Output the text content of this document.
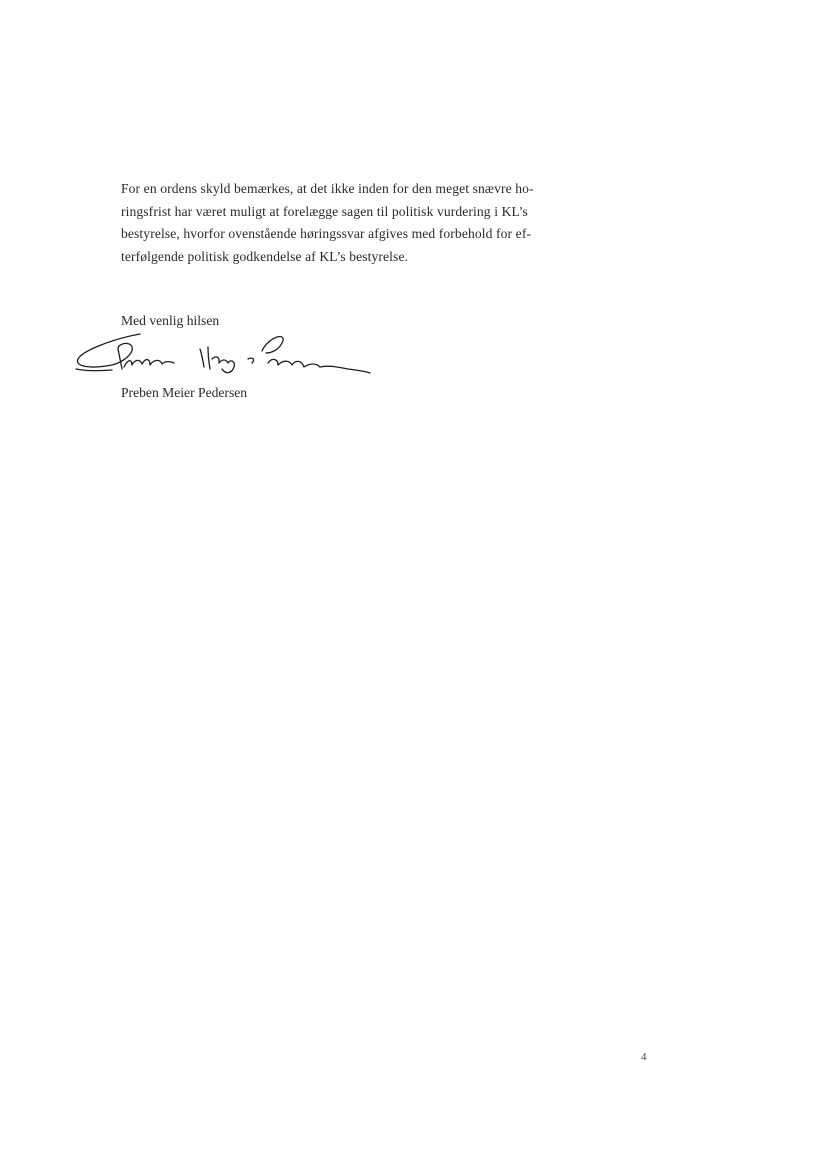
For en ordens skyld bemærkes, at det ikke inden for den meget snævre ho-
ringsfrist har været muligt at forelægge sagen til politisk vurdering i KL’s
bestyrelse, hvorfor ovenstående høringssvar afgives med forbehold for ef-
terfølgende politisk godkendelse af KL’s bestyrelse.

Med venlig hilsen
Preben Meier Pedersen
4
